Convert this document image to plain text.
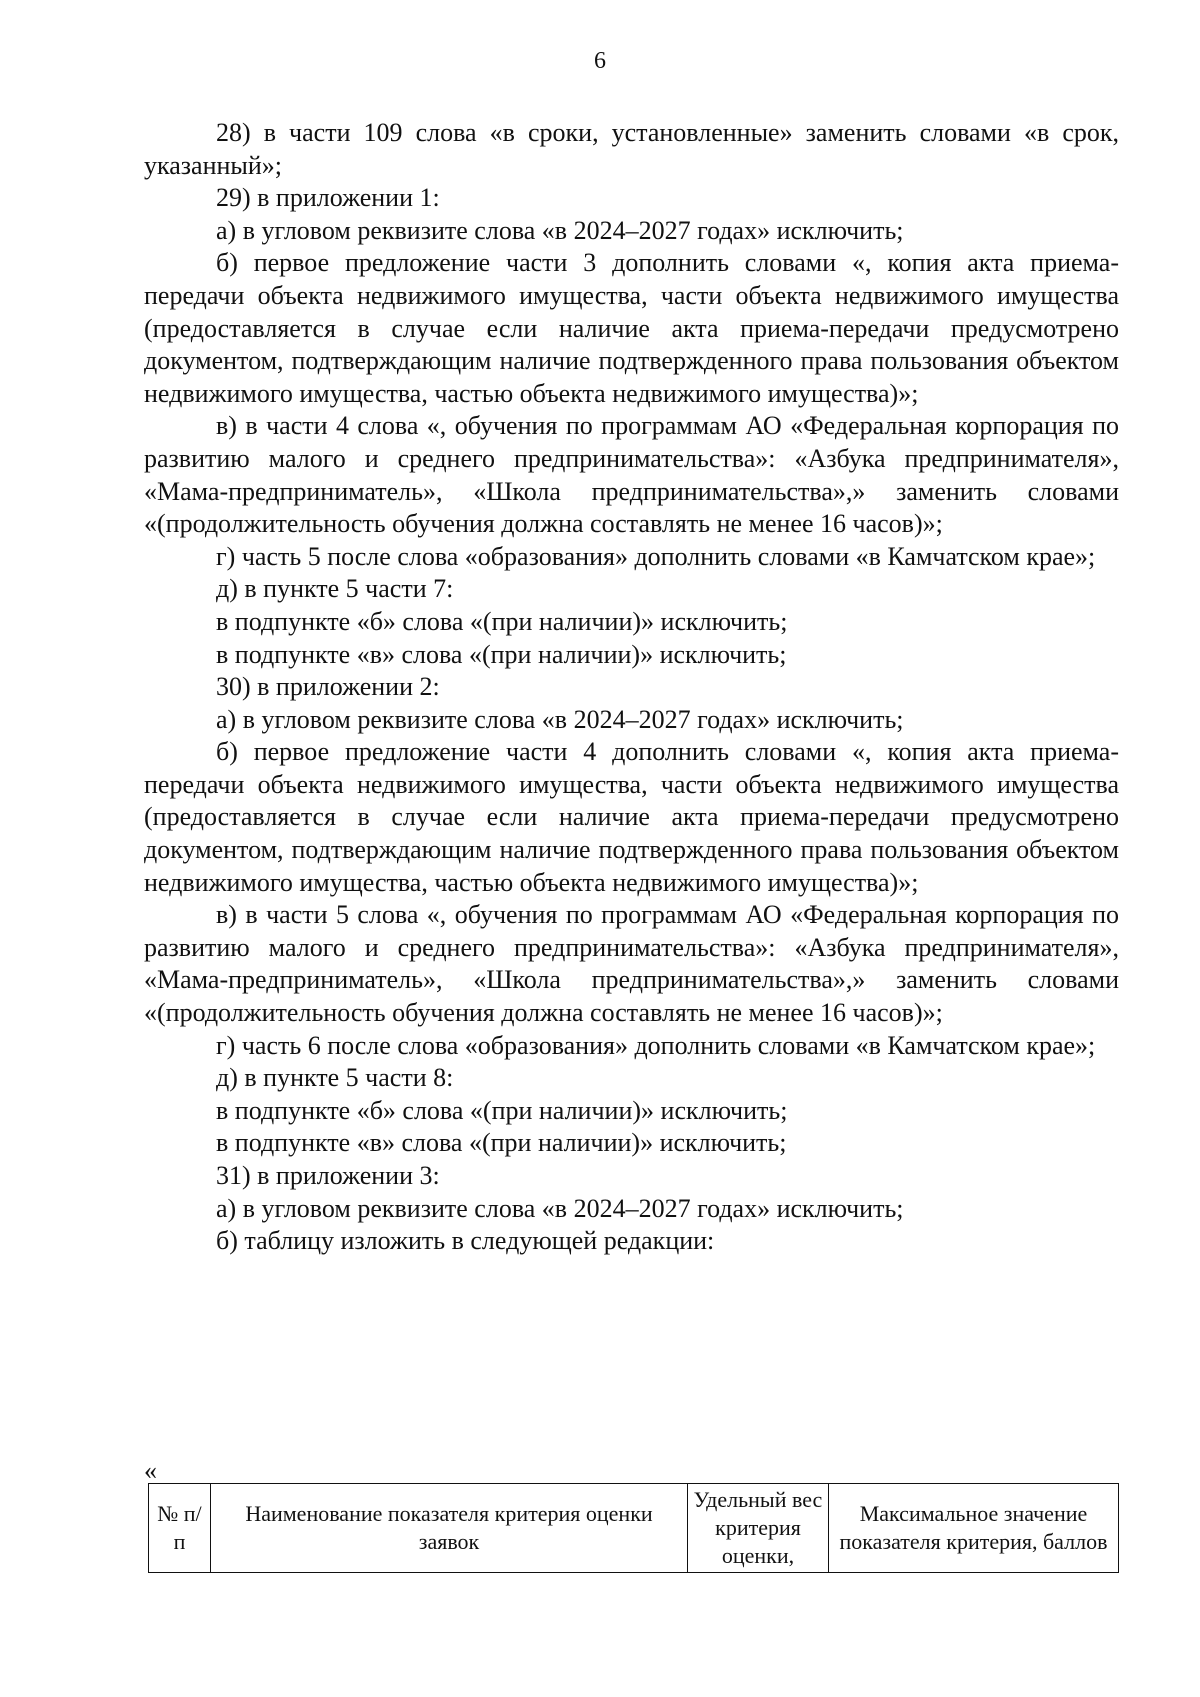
6

28) в части 109 слова «в сроки, установленные» заменить словами «в срок, указанный»;

29) в приложении 1:

а) в угловом реквизите слова «в 2024–2027 годах» исключить;

б) первое предложение части 3 дополнить словами «, копия акта приема-передачи объекта недвижимого имущества, части объекта недвижимого имущества (предоставляется в случае если наличие акта приема-передачи предусмотрено документом, подтверждающим наличие подтвержденного права пользования объектом недвижимого имущества, частью объекта недвижимого имущества)»;

в) в части 4 слова «, обучения по программам АО «Федеральная корпорация по развитию малого и среднего предпринимательства»: «Азбука предпринимателя», «Мама-предприниматель», «Школа предпринимательства»,» заменить словами «(продолжительность обучения должна составлять не менее 16 часов)»;

г) часть 5 после слова «образования» дополнить словами «в Камчатском крае»;

д) в пункте 5 части 7:

в подпункте «б» слова «(при наличии)» исключить;

в подпункте «в» слова «(при наличии)» исключить;

30) в приложении 2:

а) в угловом реквизите слова «в 2024–2027 годах» исключить;

б) первое предложение части 4 дополнить словами «, копия акта приема-передачи объекта недвижимого имущества, части объекта недвижимого имущества (предоставляется в случае если наличие акта приема-передачи предусмотрено документом, подтверждающим наличие подтвержденного права пользования объектом недвижимого имущества, частью объекта недвижимого имущества)»;

в) в части 5 слова «, обучения по программам АО «Федеральная корпорация по развитию малого и среднего предпринимательства»: «Азбука предпринимателя», «Мама-предприниматель», «Школа предпринимательства»,» заменить словами «(продолжительность обучения должна составлять не менее 16 часов)»;

г) часть 6 после слова «образования» дополнить словами «в Камчатском крае»;

д) в пункте 5 части 8:

в подпункте «б» слова «(при наличии)» исключить;

в подпункте «в» слова «(при наличии)» исключить;

31) в приложении 3:

а) в угловом реквизите слова «в 2024–2027 годах» исключить;

б) таблицу изложить в следующей редакции:

«
№ п/п	Наименование показателя критерия оценки заявок	Удельный вес критерия оценки,	Максимальное значение показателя критерия, баллов
